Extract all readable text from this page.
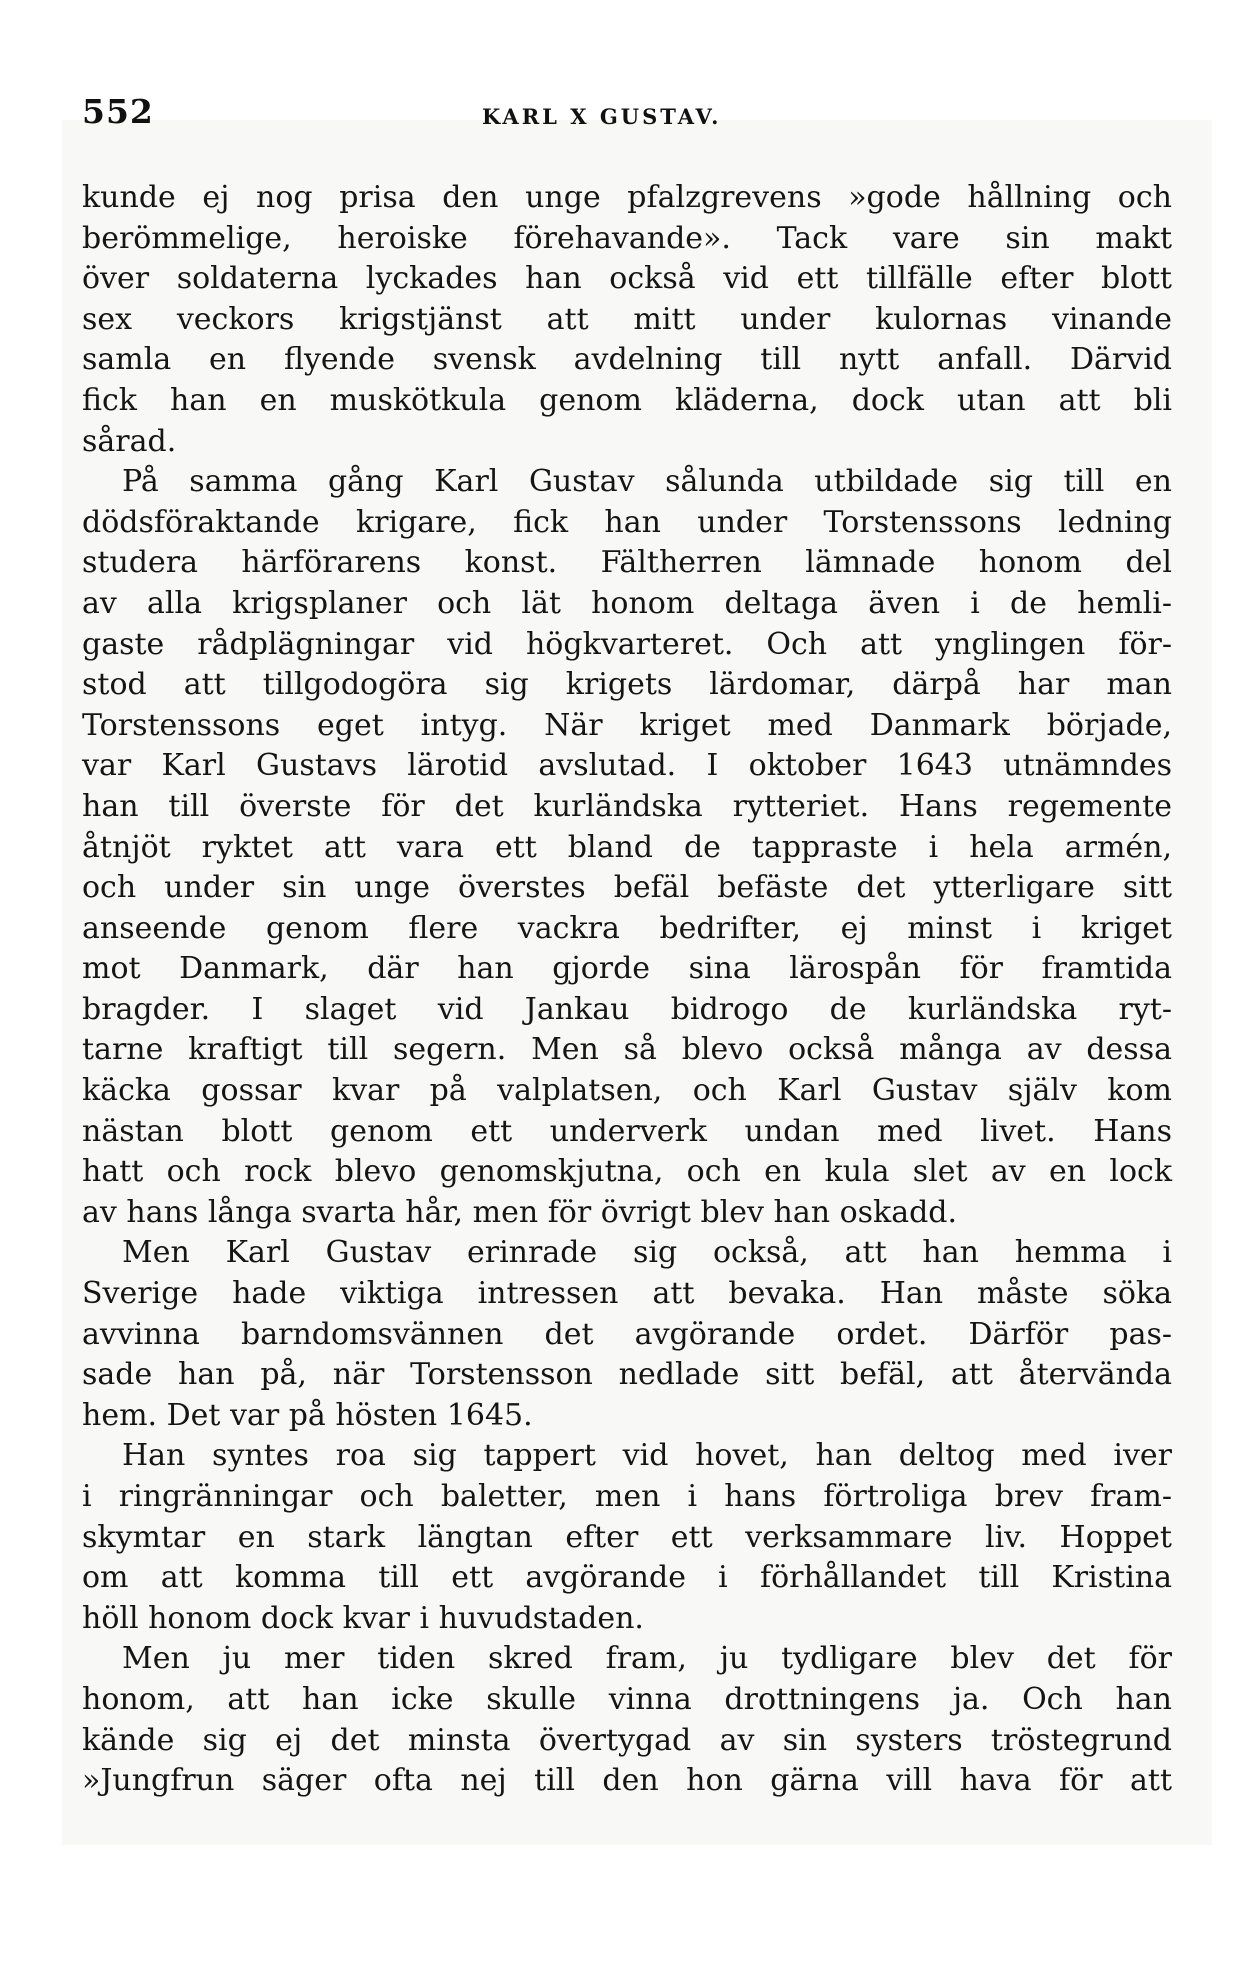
552	KARL X GUSTAV.
kunde ej nog prisa den unge pfalzgrevens »gode hållning och
berömmelige, heroiske förehavande». Tack vare sin makt
över soldaterna lyckades han också vid ett tillfälle efter blott
sex veckors krigstjänst att mitt under kulornas vinande
samla en flyende svensk avdelning till nytt anfall. Därvid
fick han en muskötkula genom kläderna, dock utan att bli
sårad.
På samma gång Karl Gustav sålunda utbildade sig till en
dödsföraktande krigare, fick han under Torstenssons ledning
studera härförarens konst. Fältherren lämnade honom del
av alla krigsplaner och lät honom deltaga även i de hemli-
gaste rådplägningar vid högkvarteret. Och att ynglingen för-
stod att tillgodogöra sig krigets lärdomar, därpå har man
Torstenssons eget intyg. När kriget med Danmark började,
var Karl Gustavs lärotid avslutad. I oktober 1643 utnämndes
han till överste för det kurländska rytteriet. Hans regemente
åtnjöt ryktet att vara ett bland de tappraste i hela armén,
och under sin unge överstes befäl befäste det ytterligare sitt
anseende genom flere vackra bedrifter, ej minst i kriget
mot Danmark, där han gjorde sina lärospån för framtida
bragder. I slaget vid Jankau bidrogo de kurländska ryt-
tarne kraftigt till segern. Men så blevo också många av dessa
käcka gossar kvar på valplatsen, och Karl Gustav själv kom
nästan blott genom ett underverk undan med livet. Hans
hatt och rock blevo genomskjutna, och en kula slet av en lock
av hans långa svarta hår, men för övrigt blev han oskadd.
Men Karl Gustav erinrade sig också, att han hemma i
Sverige hade viktiga intressen att bevaka. Han måste söka
avvinna barndomsvännen det avgörande ordet. Därför pas-
sade han på, när Torstensson nedlade sitt befäl, att återvända
hem. Det var på hösten 1645.
Han syntes roa sig tappert vid hovet, han deltog med iver
i ringränningar och baletter, men i hans förtroliga brev fram-
skymtar en stark längtan efter ett verksammare liv. Hoppet
om att komma till ett avgörande i förhållandet till Kristina
höll honom dock kvar i huvudstaden.
Men ju mer tiden skred fram, ju tydligare blev det för
honom, att han icke skulle vinna drottningens ja. Och han
kände sig ej det minsta övertygad av sin systers tröstegrund
»Jungfrun säger ofta nej till den hon gärna vill hava för att
